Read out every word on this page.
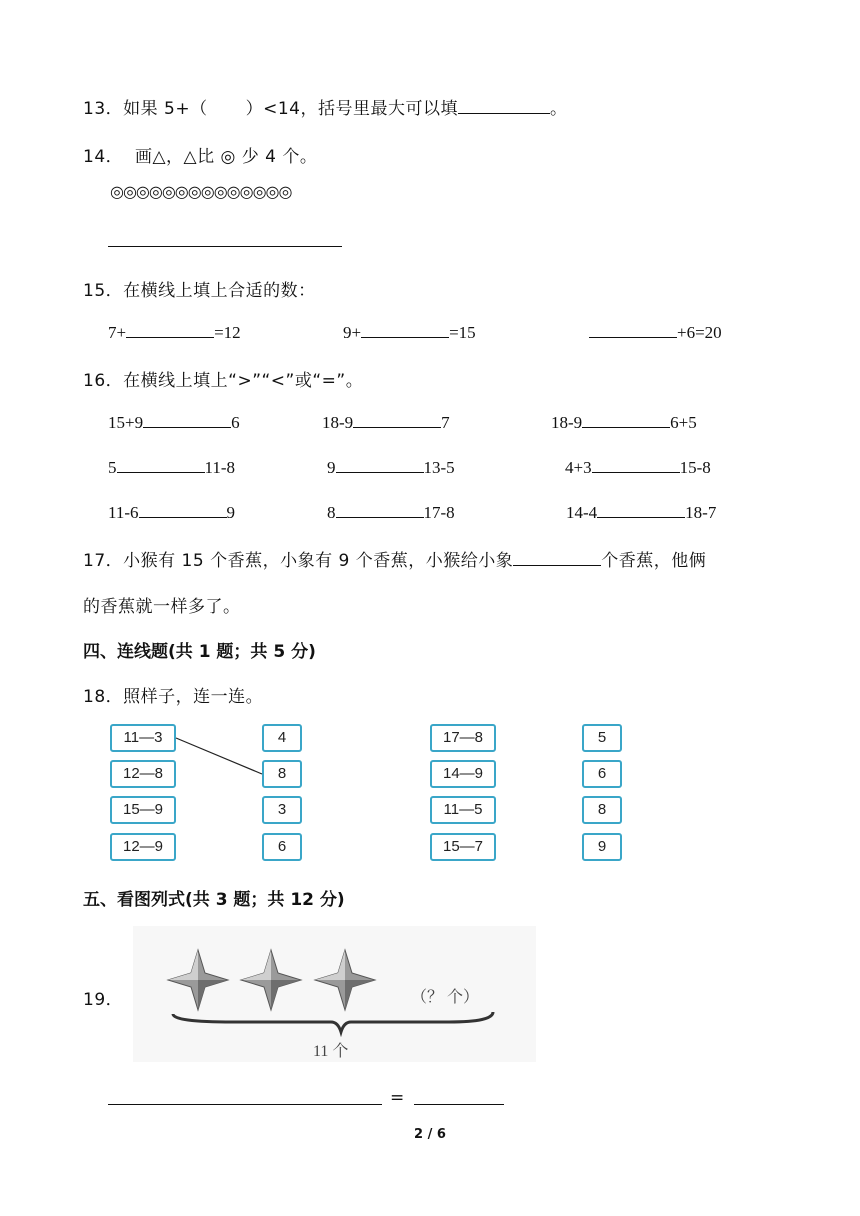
13．如果 5+（ ）<14，括号里最大可以填	。
14． 画△，△比 ◎ 少 4 个。
◎◎◎◎◎◎◎◎◎◎◎◎◎◎
15．在横线上填上合适的数：
7+	=12	9+	=15	+6=20
16．在横线上填上“>”“<”或“=”。
15+9	6	18-9	7	18-9	6+5
5	11-8	9	13-5	4+3	15-8
11-6	9	8	17-8	14-4	18-7
17．小猴有 15 个香蕉，小象有 9 个香蕉，小猴给小象	个香蕉，他俩
的香蕉就一样多了。
四、连线题(共 1 题；共 5 分)
18．照样子，连一连。
11—3
12—8
15—9
12—9
4
8
3
6
17—8
14—9
11—5
15—7
5
6
8
9
五、看图列式(共 3 题；共 12 分)
19．	（？ 个）
11 个
=
2 / 6
